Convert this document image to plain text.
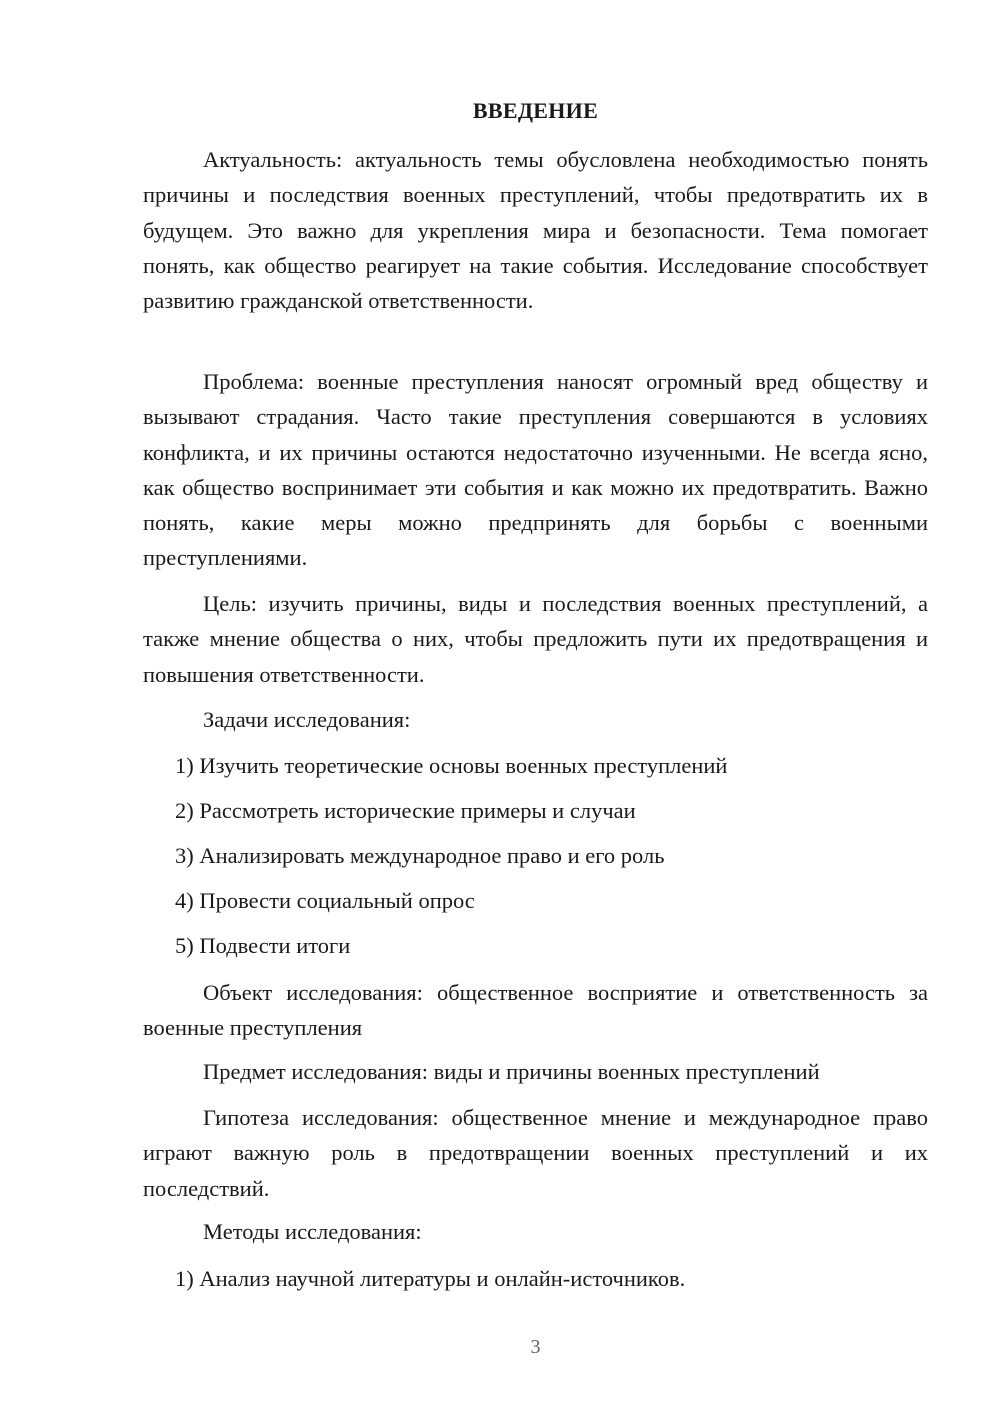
ВВЕДЕНИЕ

Актуальность: актуальность темы обусловлена необходимостью понять причины и последствия военных преступлений, чтобы предотвратить их в будущем. Это важно для укрепления мира и безопасности. Тема помогает понять, как общество реагирует на такие события. Исследование способствует развитию гражданской ответственности.

Проблема: военные преступления наносят огромный вред обществу и вызывают страдания. Часто такие преступления совершаются в условиях конфликта, и их причины остаются недостаточно изученными. Не всегда ясно, как общество воспринимает эти события и как можно их предотвратить. Важно понять, какие меры можно предпринять для борьбы с военными преступлениями.

Цель: изучить причины, виды и последствия военных преступлений, а также мнение общества о них, чтобы предложить пути их предотвращения и повышения ответственности.

Задачи исследования:
1) Изучить теоретические основы военных преступлений
2) Рассмотреть исторические примеры и случаи
3) Анализировать международное право и его роль
4) Провести социальный опрос
5) Подвести итоги

Объект исследования: общественное восприятие и ответственность за военные преступления

Предмет исследования: виды и причины военных преступлений

Гипотеза исследования: общественное мнение и международное право играют важную роль в предотвращении военных преступлений и их последствий.

Методы исследования:
1) Анализ научной литературы и онлайн-источников.
3
